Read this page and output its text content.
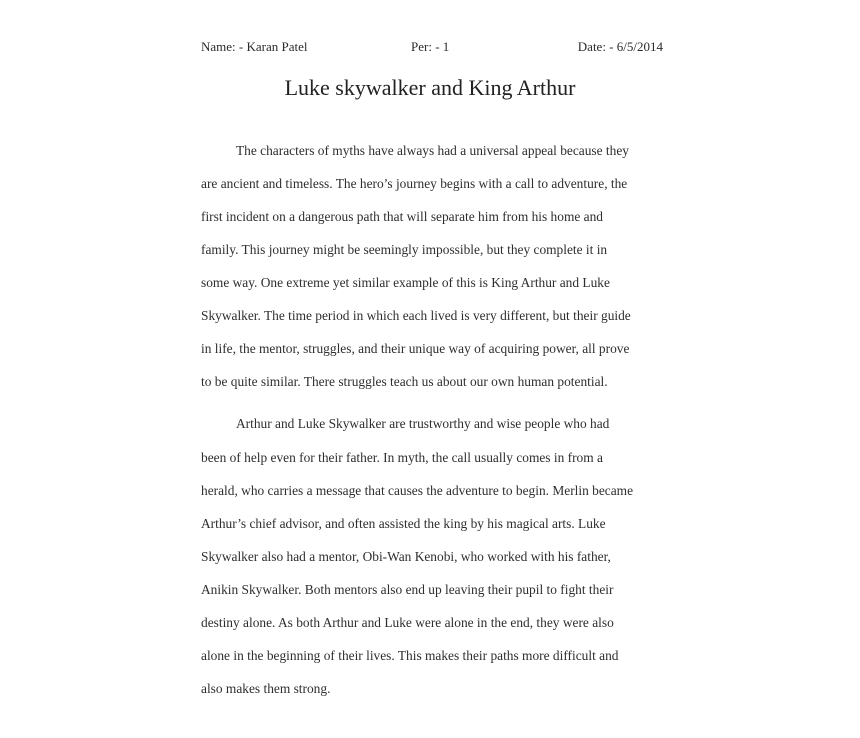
Name: - Karan Patel	Per: - 1	Date: - 6/5/2014
Luke skywalker and King Arthur
The characters of myths have always had a universal appeal because they
are ancient and timeless. The hero’s journey begins with a call to adventure, the
first incident on a dangerous path that will separate him from his home and
family. This journey might be seemingly impossible, but they complete it in
some way. One extreme yet similar example of this is King Arthur and Luke
Skywalker. The time period in which each lived is very different, but their guide
in life, the mentor, struggles, and their unique way of acquiring power, all prove
to be quite similar. There struggles teach us about our own human potential.
Arthur and Luke Skywalker are trustworthy and wise people who had
been of help even for their father. In myth, the call usually comes in from a
herald, who carries a message that causes the adventure to begin. Merlin became
Arthur’s chief advisor, and often assisted the king by his magical arts. Luke
Skywalker also had a mentor, Obi-Wan Kenobi, who worked with his father,
Anikin Skywalker. Both mentors also end up leaving their pupil to fight their
destiny alone. As both Arthur and Luke were alone in the end, they were also
alone in the beginning of their lives. This makes their paths more difficult and
also makes them strong.
